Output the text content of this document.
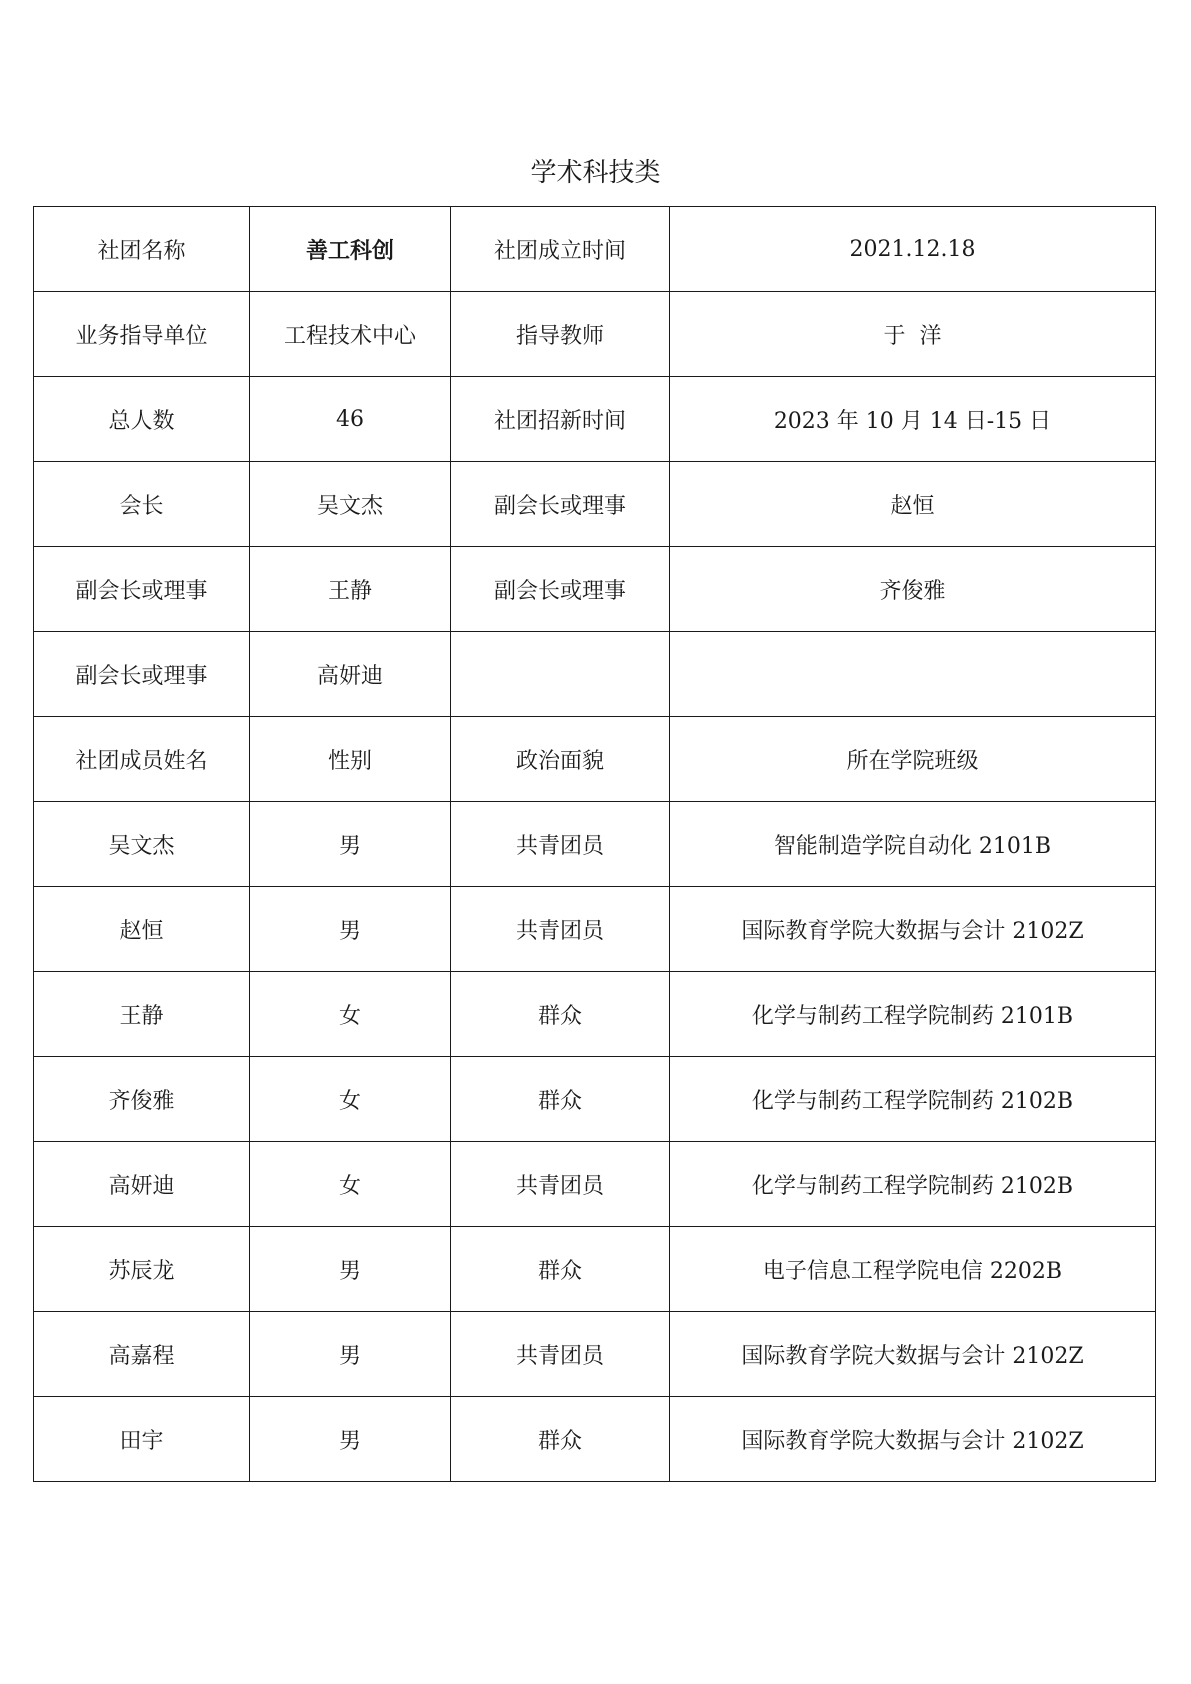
学术科技类
社团名称	善工科创	社团成立时间	2021.12.18
业务指导单位	工程技术中心	指导教师	于  洋
总人数	46	社团招新时间	2023 年 10 月 14 日-15 日
会长	吴文杰	副会长或理事	赵恒
副会长或理事	王静	副会长或理事	齐俊雅
副会长或理事	高妍迪		
社团成员姓名	性别	政治面貌	所在学院班级
吴文杰	男	共青团员	智能制造学院自动化 2101B
赵恒	男	共青团员	国际教育学院大数据与会计 2102Z
王静	女	群众	化学与制药工程学院制药 2101B
齐俊雅	女	群众	化学与制药工程学院制药 2102B
高妍迪	女	共青团员	化学与制药工程学院制药 2102B
苏辰龙	男	群众	电子信息工程学院电信 2202B
高嘉程	男	共青团员	国际教育学院大数据与会计 2102Z
田宇	男	群众	国际教育学院大数据与会计 2102Z
